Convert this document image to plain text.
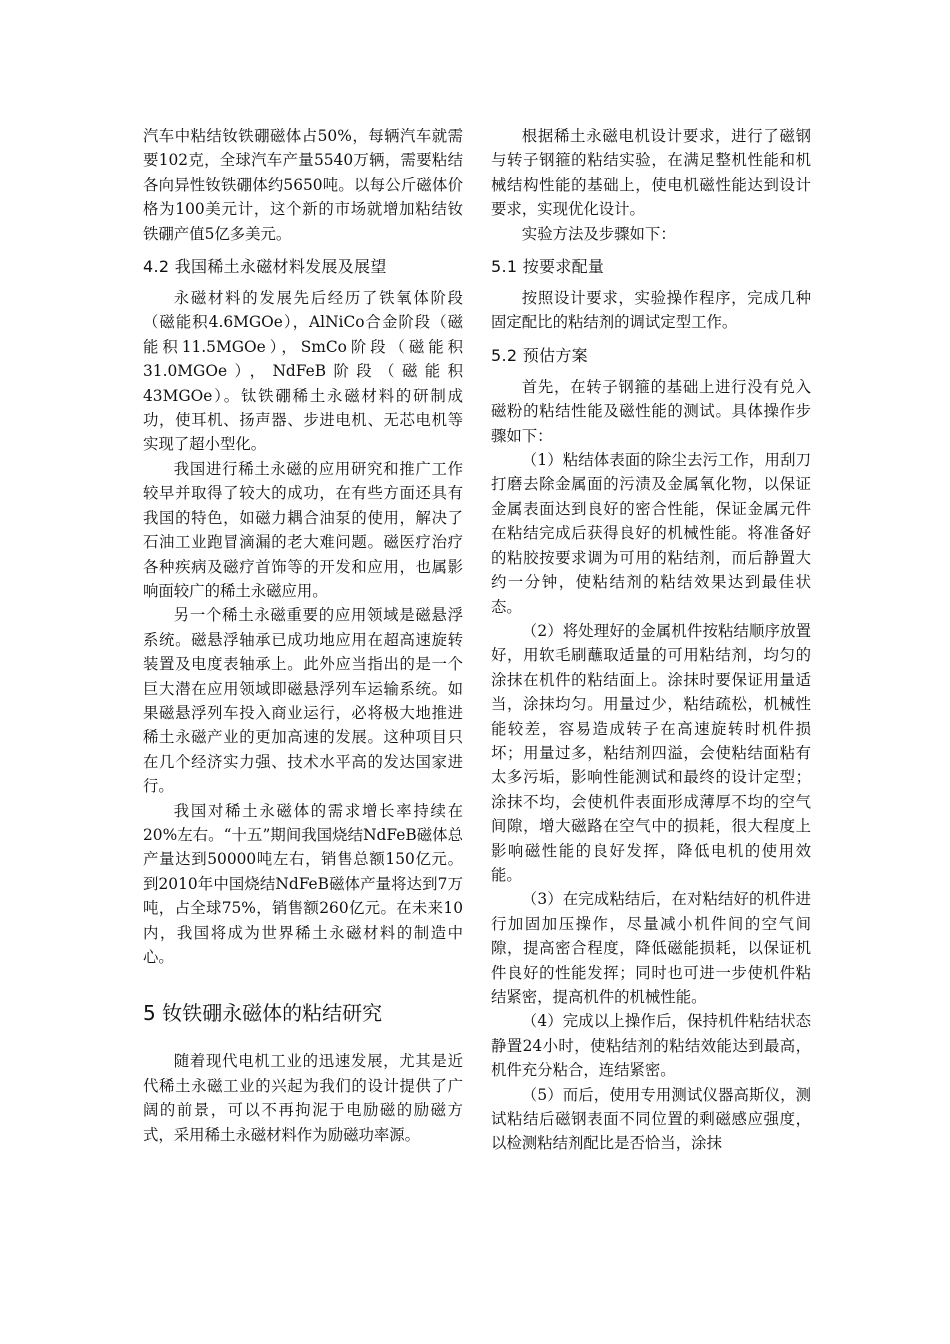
汽车中粘结钕铁硼磁体占50%，每辆汽车就需要102克，全球汽车产量5540万辆，需要粘结各向异性钕铁硼体约5650吨。以每公斤磁体价格为100美元计，这个新的市场就增加粘结钕铁硼产值5亿多美元。

4.2 我国稀土永磁材料发展及展望

永磁材料的发展先后经历了铁氧体阶段（磁能积4.6MGOe），AlNiCo合金阶段（磁能积11.5MGOe），SmCo阶段（磁能积31.0MGOe），NdFeB阶段（磁能积43MGOe）。钛铁硼稀土永磁材料的研制成功，使耳机、扬声器、步进电机、无芯电机等实现了超小型化。

我国进行稀土永磁的应用研究和推广工作较早并取得了较大的成功，在有些方面还具有我国的特色，如磁力耦合油泵的使用，解决了石油工业跑冒滴漏的老大难问题。磁医疗治疗各种疾病及磁疗首饰等的开发和应用，也属影响面较广的稀土永磁应用。

另一个稀土永磁重要的应用领域是磁悬浮系统。磁悬浮轴承已成功地应用在超高速旋转装置及电度表轴承上。此外应当指出的是一个巨大潜在应用领域即磁悬浮列车运输系统。如果磁悬浮列车投入商业运行，必将极大地推进稀土永磁产业的更加高速的发展。这种项目只在几个经济实力强、技术水平高的发达国家进行。

我国对稀土永磁体的需求增长率持续在20%左右。“十五”期间我国烧结NdFeB磁体总产量达到50000吨左右，销售总额150亿元。到2010年中国烧结NdFeB磁体产量将达到7万吨，占全球75%，销售额260亿元。在未来10内，我国将成为世界稀土永磁材料的制造中心。

5 钕铁硼永磁体的粘结研究

随着现代电机工业的迅速发展，尤其是近代稀土永磁工业的兴起为我们的设计提供了广阔的前景，可以不再拘泥于电励磁的励磁方式，采用稀土永磁材料作为励磁功率源。

根据稀土永磁电机设计要求，进行了磁钢与转子钢箍的粘结实验，在满足整机性能和机械结构性能的基础上，使电机磁性能达到设计要求，实现优化设计。

实验方法及步骤如下：

5.1 按要求配量

按照设计要求，实验操作程序，完成几种固定配比的粘结剂的调试定型工作。

5.2 预估方案

首先，在转子钢箍的基础上进行没有兑入磁粉的粘结性能及磁性能的测试。具体操作步骤如下：

（1）粘结体表面的除尘去污工作，用刮刀打磨去除金属面的污渍及金属氧化物，以保证金属表面达到良好的密合性能，保证金属元件在粘结完成后获得良好的机械性能。将准备好的粘胶按要求调为可用的粘结剂，而后静置大约一分钟，使粘结剂的粘结效果达到最佳状态。

（2）将处理好的金属机件按粘结顺序放置好，用软毛刷蘸取适量的可用粘结剂，均匀的涂抹在机件的粘结面上。涂抹时要保证用量适当，涂抹均匀。用量过少，粘结疏松，机械性能较差，容易造成转子在高速旋转时机件损坏；用量过多，粘结剂四溢，会使粘结面粘有太多污垢，影响性能测试和最终的设计定型；涂抹不均，会使机件表面形成薄厚不均的空气间隙，增大磁路在空气中的损耗，很大程度上影响磁性能的良好发挥，降低电机的使用效能。

（3）在完成粘结后，在对粘结好的机件进行加固加压操作，尽量减小机件间的空气间隙，提高密合程度，降低磁能损耗，以保证机件良好的性能发挥；同时也可进一步使机件粘结紧密，提高机件的机械性能。

（4）完成以上操作后，保持机件粘结状态静置24小时，使粘结剂的粘结效能达到最高，机件充分粘合，连结紧密。

（5）而后，使用专用测试仪器高斯仪，测试粘结后磁钢表面不同位置的剩磁感应强度，以检测粘结剂配比是否恰当，涂抹
